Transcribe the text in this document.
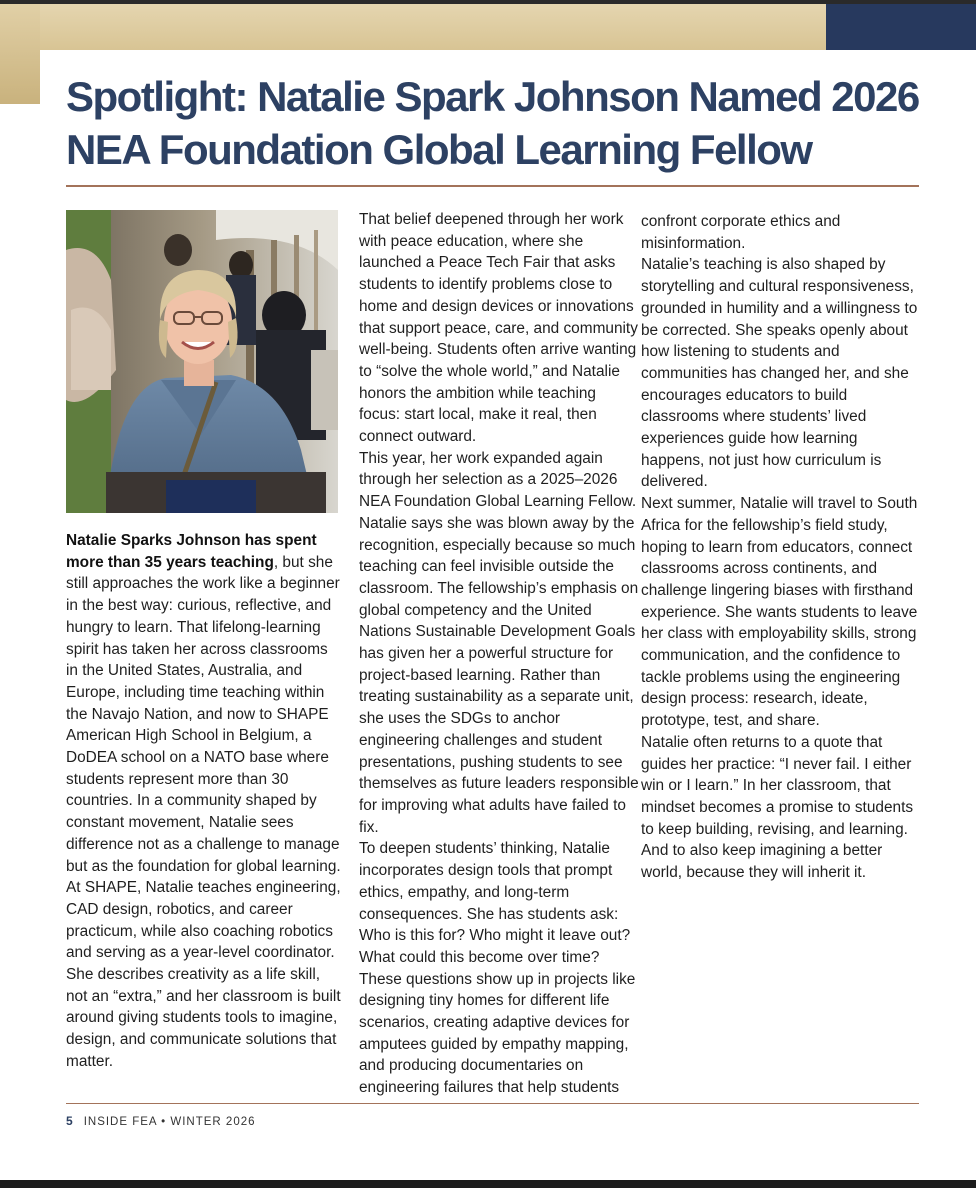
Spotlight: Natalie Spark Johnson Named 2026 NEA Foundation Global Learning Fellow

Natalie Sparks Johnson has spent more than 35 years teaching, but she still approaches the work like a beginner in the best way: curious, reflective, and hungry to learn. That lifelong-learning spirit has taken her across classrooms in the United States, Australia, and Europe, including time teaching within the Navajo Nation, and now to SHAPE American High School in Belgium, a DoDEA school on a NATO base where students represent more than 30 countries. In a community shaped by constant movement, Natalie sees difference not as a challenge to manage but as the foundation for global learning.

At SHAPE, Natalie teaches engineering, CAD design, robotics, and career practicum, while also coaching robotics and serving as a year-level coordinator. She describes creativity as a life skill, not an “extra,” and her classroom is built around giving students tools to imagine, design, and communicate solutions that matter.

That belief deepened through her work with peace education, where she launched a Peace Tech Fair that asks students to identify problems close to home and design devices or innovations that support peace, care, and community well-being. Students often arrive wanting to “solve the whole world,” and Natalie honors the ambition while teaching focus: start local, make it real, then connect outward.

This year, her work expanded again through her selection as a 2025–2026 NEA Foundation Global Learning Fellow. Natalie says she was blown away by the recognition, especially because so much teaching can feel invisible outside the classroom. The fellowship’s emphasis on global competency and the United Nations Sustainable Development Goals has given her a powerful structure for project-based learning. Rather than treating sustainability as a separate unit, she uses the SDGs to anchor engineering challenges and student presentations, pushing students to see themselves as future leaders responsible for improving what adults have failed to fix.

To deepen students’ thinking, Natalie incorporates design tools that prompt ethics, empathy, and long-term consequences. She has students ask: Who is this for? Who might it leave out? What could this become over time? These questions show up in projects like designing tiny homes for different life scenarios, creating adaptive devices for amputees guided by empathy mapping, and producing documentaries on engineering failures that help students

confront corporate ethics and misinformation.

Natalie’s teaching is also shaped by storytelling and cultural responsiveness, grounded in humility and a willingness to be corrected. She speaks openly about how listening to students and communities has changed her, and she encourages educators to build classrooms where students’ lived experiences guide how learning happens, not just how curriculum is delivered.

Next summer, Natalie will travel to South Africa for the fellowship’s field study, hoping to learn from educators, connect classrooms across continents, and challenge lingering biases with firsthand experience. She wants students to leave her class with employability skills, strong communication, and the confidence to tackle problems using the engineering design process: research, ideate, prototype, test, and share.

Natalie often returns to a quote that guides her practice: “I never fail. I either win or I learn.” In her classroom, that mindset becomes a promise to students to keep building, revising, and learning. And to also keep imagining a better world, because they will inherit it.

5 INSIDE FEA • WINTER 2026
